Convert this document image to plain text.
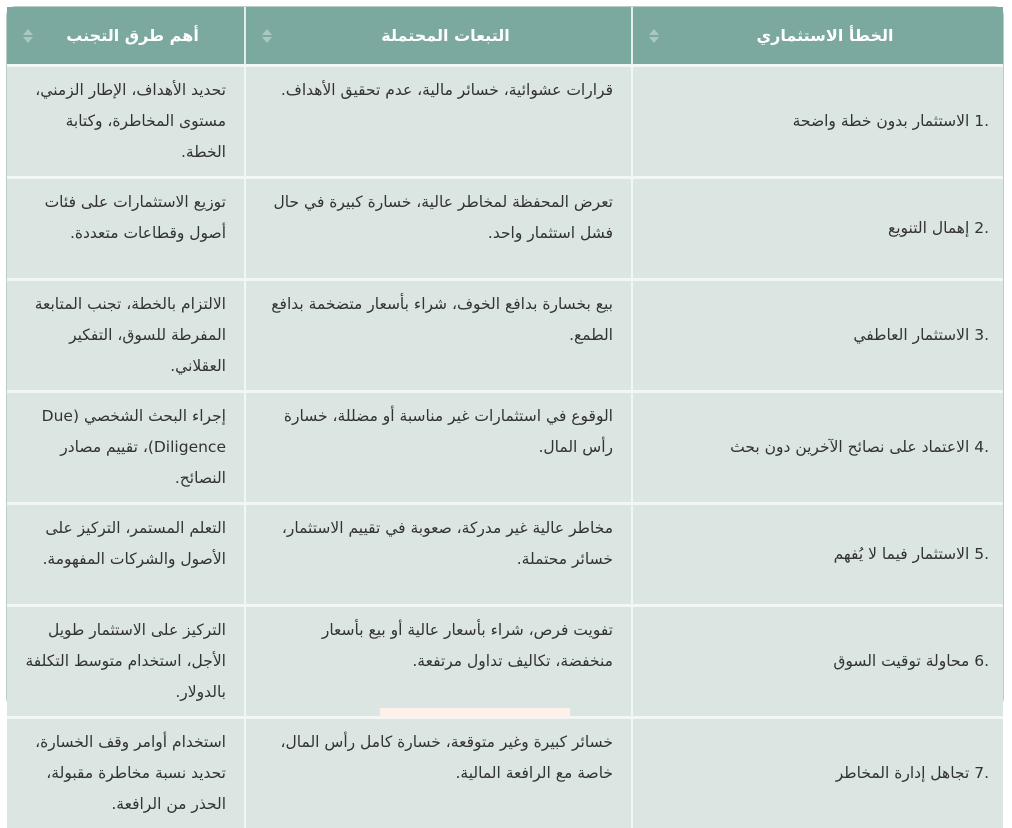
الخطأ الاستثماري	التبعات المحتملة	أهم طرق التجنب

.1 الاستثمار بدون خطة واضحة	قرارات عشوائية، خسائر مالية، عدم تحقيق الأهداف.	تحديد الأهداف، الإطار الزمني، مستوى المخاطرة، وكتابة الخطة.
.2 إهمال التنويع	تعرض المحفظة لمخاطر عالية، خسارة كبيرة في حال فشل استثمار واحد.	توزيع الاستثمارات على فئات أصول وقطاعات متعددة.
.3 الاستثمار العاطفي	بيع بخسارة بدافع الخوف، شراء بأسعار متضخمة بدافع الطمع.	الالتزام بالخطة، تجنب المتابعة المفرطة للسوق، التفكير العقلاني.
.4 الاعتماد على نصائح الآخرين دون بحث	الوقوع في استثمارات غير مناسبة أو مضللة، خسارة رأس المال.	إجراء البحث الشخصي (Due Diligence)، تقييم مصادر النصائح.
.5 الاستثمار فيما لا يُفهم	مخاطر عالية غير مدركة، صعوبة في تقييم الاستثمار، خسائر محتملة.	التعلم المستمر، التركيز على الأصول والشركات المفهومة.
.6 محاولة توقيت السوق	تفويت فرص، شراء بأسعار عالية أو بيع بأسعار منخفضة، تكاليف تداول مرتفعة.	التركيز على الاستثمار طويل الأجل، استخدام متوسط التكلفة بالدولار.
.7 تجاهل إدارة المخاطر	خسائر كبيرة وغير متوقعة، خسارة كامل رأس المال، خاصة مع الرافعة المالية.	استخدام أوامر وقف الخسارة، تحديد نسبة مخاطرة مقبولة، الحذر من الرافعة.
